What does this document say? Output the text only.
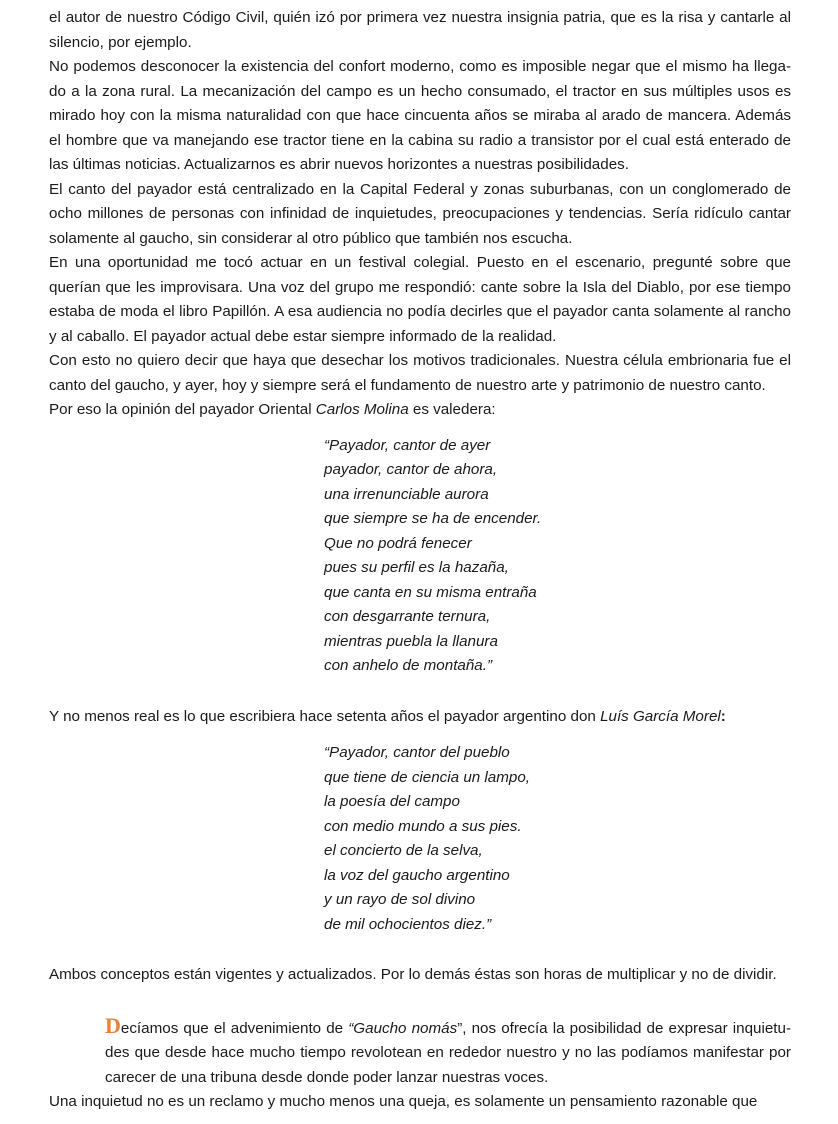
el autor de nuestro Código Civil, quién izó por primera vez nuestra insignia patria, que es la risa y cantarle al silencio, por ejemplo.

No podemos desconocer la existencia del confort moderno, como es imposible negar que el mismo ha llega-do a la zona rural. La mecanización del campo es un hecho consumado, el tractor en sus múltiples usos es mirado hoy con la misma naturalidad con que hace cincuenta años se miraba al arado de mancera. Además el hombre que va manejando ese tractor tiene en la cabina su radio a transistor por el cual está enterado de las últimas noticias. Actualizarnos es abrir nuevos horizontes a nuestras posibilidades.

El canto del payador está centralizado en la Capital Federal y zonas suburbanas, con un conglomerado de ocho millones de personas con infinidad de inquietudes, preocupaciones y tendencias. Sería ridículo cantar solamente al gaucho, sin considerar al otro público que también nos escucha.

En una oportunidad me tocó actuar en un festival colegial. Puesto en el escenario, pregunté sobre que querían que les improvisara. Una voz del grupo me respondió: cante sobre la Isla del Diablo, por ese tiempo estaba de moda el libro Papillón. A esa audiencia no podía decirles que el payador canta solamente al rancho y al caballo. El payador actual debe estar siempre informado de la realidad.

Con esto no quiero decir que haya que desechar los motivos tradicionales. Nuestra célula embrionaria fue el canto del gaucho, y ayer, hoy y siempre será el fundamento de nuestro arte y patrimonio de nuestro canto.

Por eso la opinión del payador Oriental Carlos Molina es valedera:

“Payador, cantor de ayer
payador, cantor de ahora,
una irrenunciable aurora
que siempre se ha de encender.
Que no podrá fenecer
pues su perfil es la hazaña,
que canta en su misma entraña
con desgarrante ternura,
mientras puebla la llanura
con anhelo de montaña.”

Y no menos real es lo que escribiera hace setenta años el payador argentino don Luís García Morel:

“Payador, cantor del pueblo
que tiene de ciencia un lampo,
la poesía del campo
con medio mundo a sus pies.
el concierto de la selva,
la voz del gaucho argentino
y un rayo de sol divino
de mil ochocientos diez.”

Ambos conceptos están vigentes y actualizados. Por lo demás éstas son horas de multiplicar y no de dividir.

Decíamos que el advenimiento de “Gaucho nomás”, nos ofrecía la posibilidad de expresar inquietu-des que desde hace mucho tiempo revolotean en rededor nuestro y no las podíamos manifestar por carecer de una tribuna desde donde poder lanzar nuestras voces.

Una inquietud no es un reclamo y mucho menos una queja, es solamente un pensamiento razonable que
